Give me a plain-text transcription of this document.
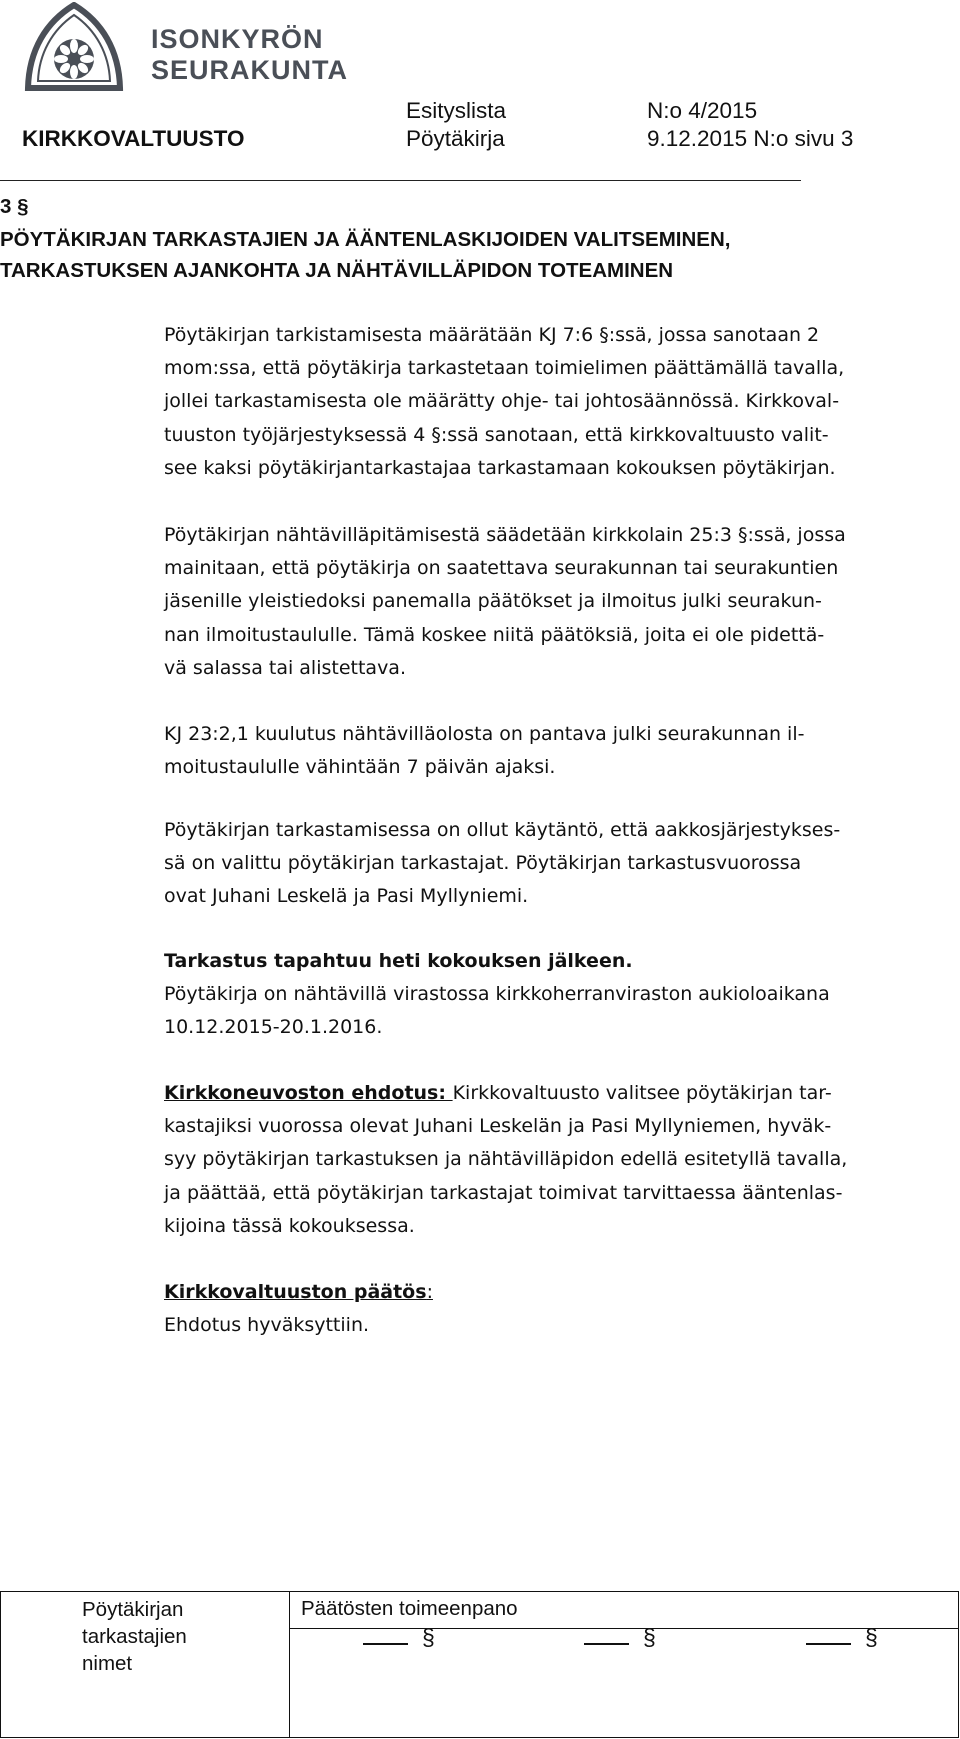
ISONKYRÖN
SEURAKUNTA
Esityslista	N:o 4/2015
KIRKKOVALTUUSTO	Pöytäkirja	9.12.2015 N:o sivu 3
3 §
PÖYTÄKIRJAN TARKASTAJIEN JA ÄÄNTENLASKIJOIDEN VALITSEMINEN,
TARKASTUKSEN AJANKOHTA JA NÄHTÄVILLÄPIDON TOTEAMINEN

Pöytäkirjan tarkistamisesta määrätään KJ 7:6 §:ssä, jossa sanotaan 2

mom:ssa, että pöytäkirja tarkastetaan toimielimen päättämällä tavalla,

jollei tarkastamisesta ole määrätty ohje- tai johtosäännössä. Kirkkoval-

tuuston työjärjestyksessä 4 §:ssä sanotaan, että kirkkovaltuusto valit-

see kaksi pöytäkirjantarkastajaa tarkastamaan kokouksen pöytäkirjan.

Pöytäkirjan nähtävilläpitämisestä säädetään kirkkolain 25:3 §:ssä, jossa

mainitaan, että pöytäkirja on saatettava seurakunnan tai seurakuntien

jäsenille yleistiedoksi panemalla päätökset ja ilmoitus julki seurakun-

nan ilmoitustaululle. Tämä koskee niitä päätöksiä, joita ei ole pidettä-

vä salassa tai alistettava.

KJ 23:2,1 kuulutus nähtävilläolosta on pantava julki seurakunnan il-

moitustaululle vähintään 7 päivän ajaksi.

Pöytäkirjan tarkastamisessa on ollut käytäntö, että aakkosjärjestykses-

sä on valittu pöytäkirjan tarkastajat. Pöytäkirjan tarkastusvuorossa

ovat Juhani Leskelä ja Pasi Myllyniemi.

Tarkastus tapahtuu heti kokouksen jälkeen.

Pöytäkirja on nähtävillä virastossa kirkkoherranviraston aukioloaikana

10.12.2015-20.1.2016.

Kirkkoneuvoston ehdotus: Kirkkovaltuusto valitsee pöytäkirjan tar-

kastajiksi vuorossa olevat Juhani Leskelän ja Pasi Myllyniemen, hyväk-

syy pöytäkirjan tarkastuksen ja nähtävilläpidon edellä esitetyllä tavalla,

ja päättää, että pöytäkirjan tarkastajat toimivat tarvittaessa ääntenlas-

kijoina tässä kokouksessa.

Kirkkovaltuuston päätös:

Ehdotus hyväksyttiin.

Pöytäkirjan
tarkastajien
nimet
Päätösten toimeenpano
§	§	§
